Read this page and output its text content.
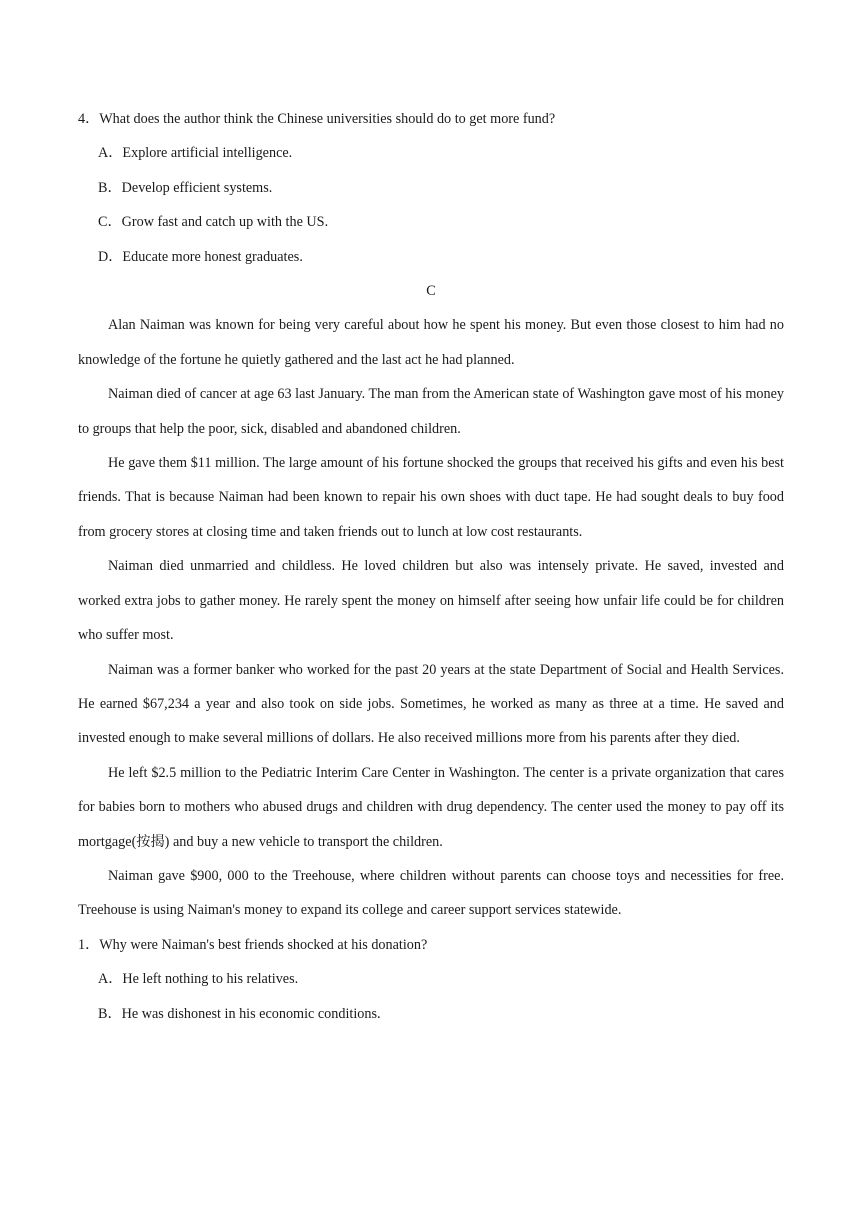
4．What does the author think the Chinese universities should do to get more fund?
A．Explore artificial intelligence.
B．Develop efficient systems.
C．Grow fast and catch up with the US.
D．Educate more honest graduates.
C

Alan Naiman was known for being very careful about how he spent his money. But even those closest to him had no knowledge of the fortune he quietly gathered and the last act he had planned.

Naiman died of cancer at age 63 last January. The man from the American state of Washington gave most of his money to groups that help the poor, sick, disabled and abandoned children.

He gave them $11 million. The large amount of his fortune shocked the groups that received his gifts and even his best friends. That is because Naiman had been known to repair his own shoes with duct tape. He had sought deals to buy food from grocery stores at closing time and taken friends out to lunch at low cost restaurants.

Naiman died unmarried and childless. He loved children but also was intensely private. He saved, invested and worked extra jobs to gather money. He rarely spent the money on himself after seeing how unfair life could be for children who suffer most.

Naiman was a former banker who worked for the past 20 years at the state Department of Social and Health Services. He earned $67,234 a year and also took on side jobs. Sometimes, he worked as many as three at a time. He saved and invested enough to make several millions of dollars. He also received millions more from his parents after they died.

He left $2.5 million to the Pediatric Interim Care Center in Washington. The center is a private organization that cares for babies born to mothers who abused drugs and children with drug dependency. The center used the money to pay off its mortgage(按揭) and buy a new vehicle to transport the children.

Naiman gave $900, 000 to the Treehouse, where children without parents can choose toys and necessities for free. Treehouse is using Naiman's money to expand its college and career support services statewide.

1．Why were Naiman's best friends shocked at his donation?
A．He left nothing to his relatives.
B．He was dishonest in his economic conditions.
